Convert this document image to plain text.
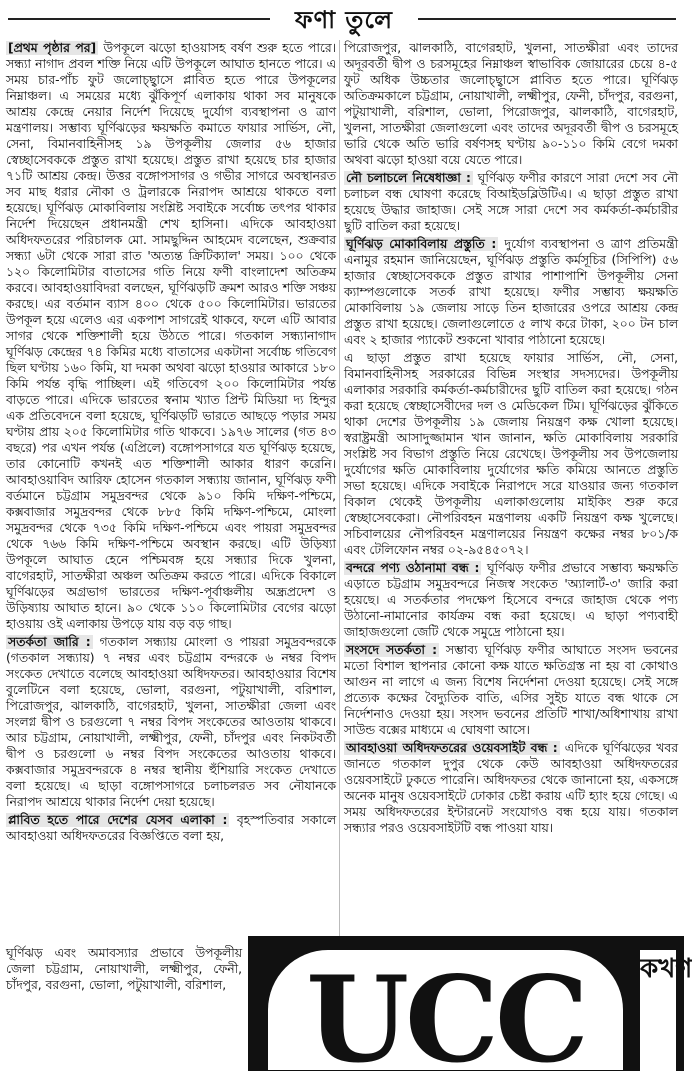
ফণা তুলে

[প্রথম পৃষ্ঠার পর] উপকূলে ঝড়ো হাওয়াসহ বর্ষণ শুরু হতে পারে। সন্ধ্যা নাগাদ প্রবল শক্তি নিয়ে এটি উপকূলে আঘাত হানতে পারে। এ সময় চার-পাঁচ ফুট জলোচ্ছ্বাসে প্লাবিত হতে পারে উপকূলের নিম্নাঞ্চল। এ সময়ের মধ্যে ঝুঁকিপূর্ণ এলাকায় থাকা সব মানুষকে আশ্রয় কেন্দ্রে নেয়ার নির্দেশ দিয়েছে দুর্যোগ ব্যবস্থাপনা ও ত্রাণ মন্ত্রণালয়। সম্ভাব্য ঘূর্ণিঝড়ের ক্ষয়ক্ষতি কমাতে ফায়ার সার্ভিস, নৌ, সেনা, বিমানবাহিনীসহ ১৯ উপকূলীয় জেলার ৫৬ হাজার স্বেচ্ছাসেবককে প্রস্তুত রাখা হয়েছে। প্রস্তুত রাখা হয়েছে চার হাজার ৭১টি আশ্রয় কেন্দ্র। উত্তর বঙ্গোপসাগর ও গভীর সাগরে অবস্থানরত সব মাছ ধরার নৌকা ও ট্রলারকে নিরাপদ আশ্রয়ে থাকতে বলা হয়েছে। ঘূর্ণিঝড় মোকাবিলায় সংশ্লিষ্ট সবাইকে সর্বোচ্চ তৎপর থাকার নির্দেশ দিয়েছেন প্রধানমন্ত্রী শেখ হাসিনা। এদিকে আবহাওয়া অধিদফতরের পরিচালক মো. সামছুদ্দিন আহমেদ বলেছেন, শুক্রবার সন্ধ্যা ৬টা থেকে সারা রাত 'অত্যন্ত ক্রিটিক্যাল' সময়। ১০০ থেকে ১২০ কিলোমিটার বাতাসের গতি নিয়ে ফণী বাংলাদেশ অতিক্রম করবে। আবহাওয়াবিদরা বলছেন, ঘূর্ণিঝড়টি ক্রমশ আরও শক্তি সঞ্চয় করছে। এর বর্তমান ব্যাস ৪০০ থেকে ৫০০ কিলোমিটার। ভারতের উপকূল হয়ে এলেও এর একপাশ সাগরেই থাকবে, ফলে এটি আবার সাগর থেকে শক্তিশালী হয়ে উঠতে পারে। গতকাল সন্ধ্যানাগাদ ঘূর্ণিঝড় কেন্দ্রের ৭৪ কিমির মধ্যে বাতাসের একটানা সর্বোচ্চ গতিবেগ ছিল ঘণ্টায় ১৬০ কিমি, যা দমকা অথবা ঝড়ো হাওয়ার আকারে ১৮০ কিমি পর্যন্ত বৃদ্ধি পাচ্ছিল। এই গতিবেগ ২০০ কিলোমিটার পর্যন্ত বাড়তে পারে। এদিকে ভারতের স্বনাম খ্যাত প্রিন্ট মিডিয়া দ্য হিন্দুর এক প্রতিবেদনে বলা হয়েছে, ঘূর্ণিঝড়টি ভারতে আছড়ে পড়ার সময় ঘণ্টায় প্রায় ২০৫ কিলোমিটার গতি থাকবে। ১৯৭৬ সালের (গত ৪৩ বছরে) পর এখন পর্যন্ত (এপ্রিলে) বঙ্গোপসাগরে যত ঘূর্ণিঝড় হয়েছে, তার কোনোটি কখনই এত শক্তিশালী আকার ধারণ করেনি। আবহাওয়াবিদ আরিফ হোসেন গতকাল সন্ধ্যায় জানান, ঘূর্ণিঝড় ফণী বর্তমানে চট্টগ্রাম সমুদ্রবন্দর থেকে ৯১০ কিমি দক্ষিণ-পশ্চিমে, কক্সবাজার সমুদ্রবন্দর থেকে ৮৮৫ কিমি দক্ষিণ-পশ্চিমে, মোংলা সমুদ্রবন্দর থেকে ৭৩৫ কিমি দক্ষিণ-পশ্চিমে এবং পায়রা সমুদ্রবন্দর থেকে ৭৬৬ কিমি দক্ষিণ-পশ্চিমে অবস্থান করছে। এটি উড়িষ্যা উপকূলে আঘাত হেনে পশ্চিমবঙ্গ হয়ে সন্ধ্যার দিকে খুলনা, বাগেরহাট, সাতক্ষীরা অঞ্চল অতিক্রম করতে পারে। এদিকে বিকালে ঘূর্ণিঝড়ের অগ্রভাগ ভারতের দক্ষিণ-পূর্বাঞ্চলীয় অন্ধ্রপ্রদেশ ও উড়িষ্যায় আঘাত হানে। ৯০ থেকে ১১০ কিলোমিটার বেগের ঝড়ো হাওয়ায় ওই এলাকায় উপড়ে যায় বড় বড় গাছ।

সতর্কতা জারি : গতকাল সন্ধ্যায় মোংলা ও পায়রা সমুদ্রবন্দরকে (গতকাল সন্ধ্যায়) ৭ নম্বর এবং চট্টগ্রাম বন্দরকে ৬ নম্বর বিপদ সংকেত দেখাতে বলেছে আবহাওয়া অধিদফতর। আবহাওয়ার বিশেষ বুলেটিনে বলা হয়েছে, ভোলা, বরগুনা, পটুয়াখালী, বরিশাল, পিরোজপুর, ঝালকাঠি, বাগেরহাট, খুলনা, সাতক্ষীরা জেলা এবং সংলগ্ন দ্বীপ ও চরগুলো ৭ নম্বর বিপদ সংকেতের আওতায় থাকবে। আর চট্টগ্রাম, নোয়াখালী, লক্ষ্মীপুর, ফেনী, চাঁদপুর এবং নিকটবর্তী দ্বীপ ও চরগুলো ৬ নম্বর বিপদ সংকেতের আওতায় থাকবে। কক্সবাজার সমুদ্রবন্দরকে ৪ নম্বর স্থানীয় হুঁশিয়ারি সংকেত দেখাতে বলা হয়েছে। এ ছাড়া বঙ্গোপসাগরে চলাচলরত সব নৌযানকে নিরাপদ আশ্রয়ে থাকার নির্দেশ দেয়া হয়েছে।

প্লাবিত হতে পারে দেশের যেসব এলাকা : বৃহস্পতিবার সকালে আবহাওয়া অধিদফতরের বিজ্ঞপ্তিতে বলা হয়,

পিরোজপুর, ঝালকাঠি, বাগেরহাট, খুলনা, সাতক্ষীরা এবং তাদের অদূরবর্তী দ্বীপ ও চরসমূহের নিম্নাঞ্চল স্বাভাবিক জোয়ারের চেয়ে ৪-৫ ফুট অধিক উচ্চতার জলোচ্ছ্বাসে প্লাবিত হতে পারে। ঘূর্ণিঝড় অতিক্রমকালে চট্টগ্রাম, নোয়াখালী, লক্ষ্মীপুর, ফেনী, চাঁদপুর, বরগুনা, পটুয়াখালী, বরিশাল, ভোলা, পিরোজপুর, ঝালকাঠি, বাগেরহাট, খুলনা, সাতক্ষীরা জেলাগুলো এবং তাদের অদূরবর্তী দ্বীপ ও চরসমূহে ভারি থেকে অতি ভারি বর্ষণসহ ঘণ্টায় ৯০-১১০ কিমি বেগে দমকা অথবা ঝড়ো হাওয়া বয়ে যেতে পারে।

নৌ চলাচলে নিষেধাজ্ঞা : ঘূর্ণিঝড় ফণীর কারণে সারা দেশে সব নৌ চলাচল বন্ধ ঘোষণা করেছে বিআইডব্লিউটিএ। এ ছাড়া প্রস্তুত রাখা হয়েছে উদ্ধার জাহাজ। সেই সঙ্গে সারা দেশে সব কর্মকর্তা-কর্মচারীর ছুটি বাতিল করা হয়েছে।

ঘূর্ণিঝড় মোকাবিলায় প্রস্তুতি : দুর্যোগ ব্যবস্থাপনা ও ত্রাণ প্রতিমন্ত্রী এনামুর রহমান জানিয়েছেন, ঘূর্ণিঝড় প্রস্তুতি কর্মসূচির (সিপিপি) ৫৬ হাজার স্বেচ্ছাসেবককে প্রস্তুত রাখার পাশাপাশি উপকূলীয় সেনা ক্যাম্পগুলোকে সতর্ক রাখা হয়েছে। ফণীর সম্ভাব্য ক্ষয়ক্ষতি মোকাবিলায় ১৯ জেলায় সাড়ে তিন হাজারের ওপরে আশ্রয় কেন্দ্র প্রস্তুত রাখা হয়েছে। জেলাগুলোতে ৫ লাখ করে টাকা, ২০০ টন চাল এবং ২ হাজার প্যাকেট শুকনো খাবার পাঠানো হয়েছে।

এ ছাড়া প্রস্তুত রাখা হয়েছে ফায়ার সার্ভিস, নৌ, সেনা, বিমানবাহিনীসহ সরকারের বিভিন্ন সংস্থার সদস্যদের। উপকূলীয় এলাকার সরকারি কর্মকর্তা-কর্মচারীদের ছুটি বাতিল করা হয়েছে। গঠন করা হয়েছে স্বেচ্ছাসেবীদের দল ও মেডিকেল টিম। ঘূর্ণিঝড়ের ঝুঁকিতে থাকা দেশের উপকূলীয় ১৯ জেলায় নিয়ন্ত্রণ কক্ষ খোলা হয়েছে। স্বরাষ্ট্রমন্ত্রী আসাদুজ্জামান খান জানান, ক্ষতি মোকাবিলায় সরকারি সংশ্লিষ্ট সব বিভাগ প্রস্তুতি নিয়ে রেখেছে। উপকূলীয় সব উপজেলায় দুর্যোগের ক্ষতি মোকাবিলায় দুর্যোগের ক্ষতি কমিয়ে আনতে প্রস্তুতি সভা হয়েছে। এদিকে সবাইকে নিরাপদে সরে যাওয়ার জন্য গতকাল বিকাল থেকেই উপকূলীয় এলাকাগুলোয় মাইকিং শুরু করে স্বেচ্ছাসেবকেরা। নৌপরিবহন মন্ত্রণালয় একটি নিয়ন্ত্রণ কক্ষ খুলেছে। সচিবালয়ের নৌপরিবহন মন্ত্রণালয়ের নিয়ন্ত্রণ কক্ষের নম্বর ৮০১/ক এবং টেলিফোন নম্বর ০২-৯৫৪৫০৭২।

বন্দরে পণ্য ওঠানামা বন্ধ : ঘূর্ণিঝড় ফণীর প্রভাবে সম্ভাব্য ক্ষয়ক্ষতি এড়াতে চট্টগ্রাম সমুদ্রবন্দরে নিজস্ব সংকেত 'অ্যালার্ট-৩' জারি করা হয়েছে। এ সতর্কতার পদক্ষেপ হিসেবে বন্দরে জাহাজ থেকে পণ্য উঠানো-নামানোর কার্যক্রম বন্ধ করা হয়েছে। এ ছাড়া পণ্যবাহী জাহাজগুলো জেটি থেকে সমুদ্রে পাঠানো হয়।

সংসদে সতর্কতা : সম্ভাব্য ঘূর্ণিঝড় ফণীর আঘাতে সংসদ ভবনের মতো বিশাল স্থাপনার কোনো কক্ষ যাতে ক্ষতিগ্রস্ত না হয় বা কোথাও আগুন না লাগে এ জন্য বিশেষ নির্দেশনা দেওয়া হয়েছে। সেই সঙ্গে প্রত্যেক কক্ষের বৈদ্যুতিক বাতি, এসির সুইচ যাতে বন্ধ থাকে সে নির্দেশনাও দেওয়া হয়। সংসদ ভবনের প্রতিটি শাখা/অধিশাখায় রাখা সাউন্ড বক্সের মাধ্যমে এ ঘোষণা আসে।

আবহাওয়া অধিদফতরের ওয়েবসাইট বন্ধ : এদিকে ঘূর্ণিঝড়ের খবর জানতে গতকাল দুপুর থেকে কেউ আবহাওয়া অধিদফতরের ওয়েবসাইটে ঢুকতে পারেনি। অধিদফতর থেকে জানানো হয়, একসঙ্গে অনেক মানুষ ওয়েবসাইটে ঢোকার চেষ্টা করায় এটি হ্যাং হয়ে গেছে। এ সময় অধিদফতরের ইন্টারনেট সংযোগও বন্ধ হয়ে যায়। গতকাল সন্ধ্যার পরও ওয়েবসাইটটি বন্ধ পাওয়া যায়।

ঘূর্ণিঝড় এবং অমাবস্যার প্রভাবে উপকূলীয় জেলা চট্টগ্রাম, নোয়াখালী, লক্ষ্মীপুর, ফেনী, চাঁদপুর, বরগুনা, ভোলা, পটুয়াখালী, বরিশাল, UCC	কখগ
